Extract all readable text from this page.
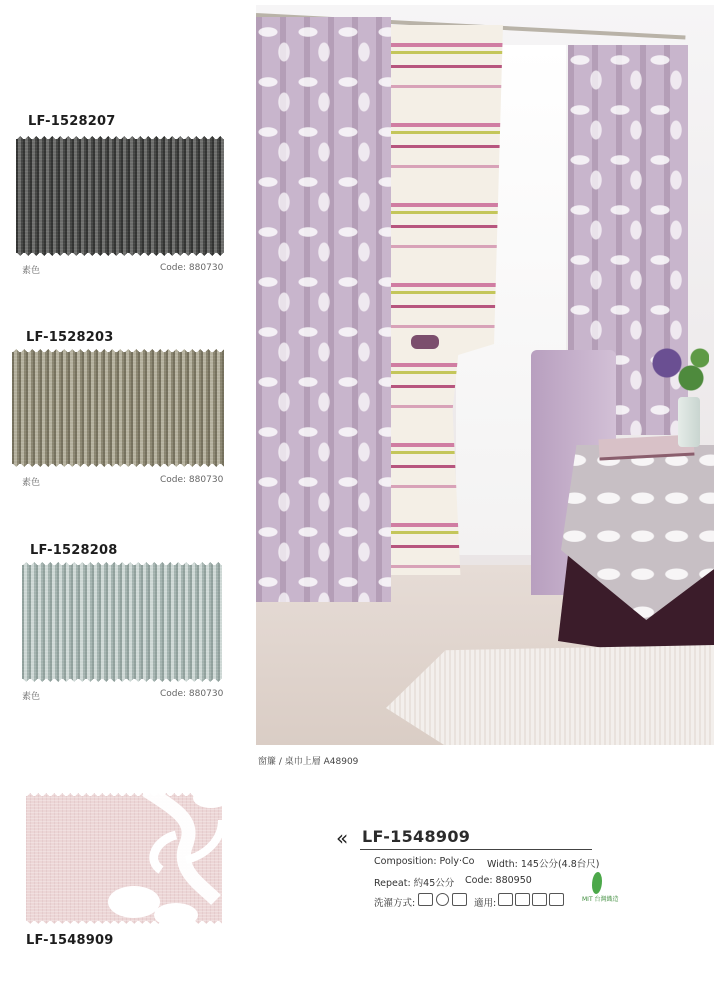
LF-1528207
素色	Code: 880730
LF-1528203
素色	Code: 880730
LF-1528208
素色	Code: 880730
LF-1548909
窗簾 / 桌巾上層 A48909
« LF-1548909
Composition: Poly‧Co Width: 145公分(4.8台尺)
Repeat: 約45公分 Code: 880950
洗濯方式:	適用:	MIT 台灣織造
